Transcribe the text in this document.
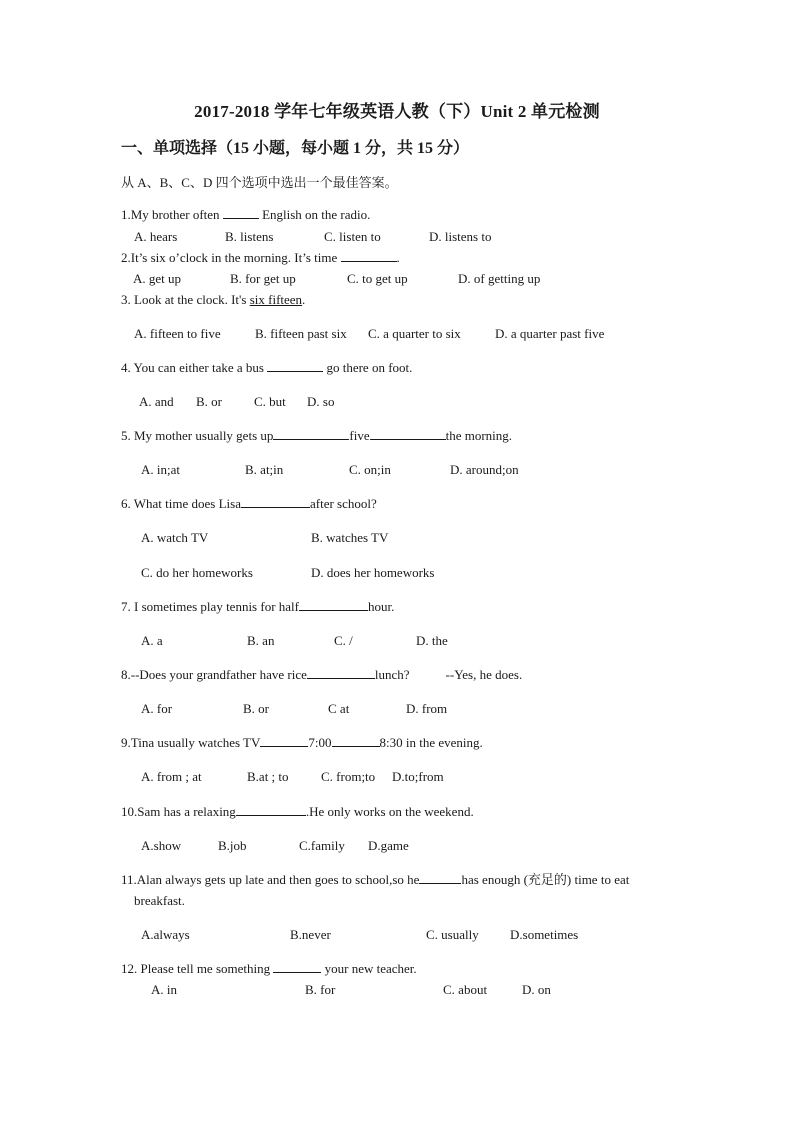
2017-2018 学年七年级英语人教（下）Unit 2 单元检测
一、单项选择（15 小题，每小题 1 分，共 15 分）
从 A、B、C、D 四个选项中选出一个最佳答案。
1.My brother often	English on the radio.
A. hears	B. listens	C. listen to	D. listens to
2.It’s six o’clock in the morning. It’s time	.
A. get up	B. for get up	C. to get up	D. of getting up
3. Look at the clock. It's six fifteen.
A. fifteen to five	B. fifteen past six C. a quarter to six	D. a quarter past five
4. You can either take a bus	go there on foot.
A. and B. or C. but D. so
5. My mother usually gets up	five	the morning.
A. in;at	B. at;in	C. on;in	D. around;on
6. What time does Lisa	after school?
A. watch TV	B. watches TV
C. do her homeworks	D. does her homeworks
7. I sometimes play tennis for half	hour.
A. a	B. an	C. /	D. the
8.--Does your grandfather have rice	lunch?	--Yes, he does.
A. for	B. or	C at	D. from
9.Tina usually watches TV	7:00	8:30 in the evening.
A. from ; at	B.at ; to C. from;to D.to;from
10.Sam has a relaxing	.He only works on the weekend.
A.show	B.job	C.family D.game
11.Alan always gets up late and then goes to school,so he	has enough (充足的) time to eat
breakfast.
A.always	B.never	C. usually D.sometimes
12. Please tell me something	your new teacher.
A. in	B. for	C. about	D. on
